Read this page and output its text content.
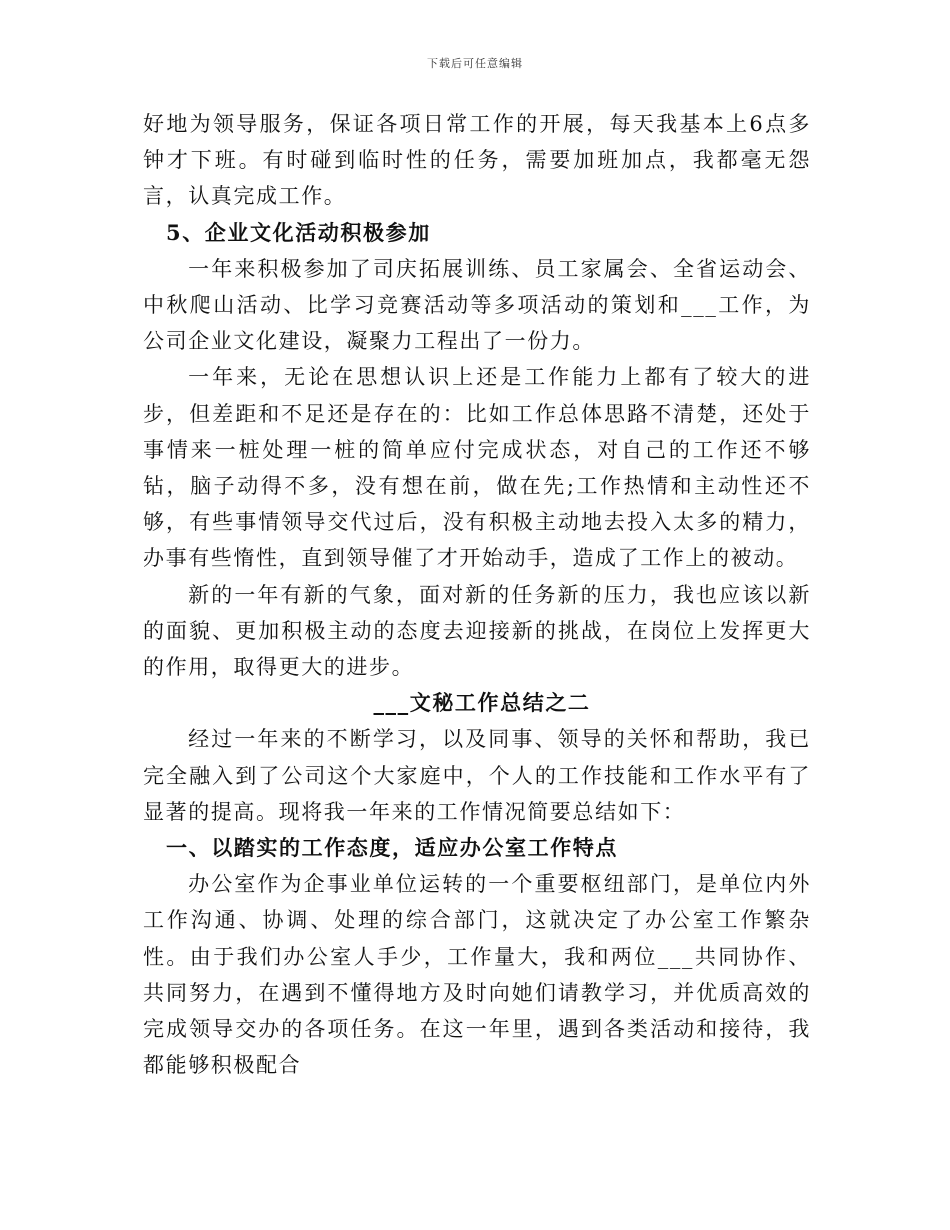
下载后可任意编辑

好地为领导服务，保证各项日常工作的开展，每天我基本上6点多钟才下班。有时碰到临时性的任务，需要加班加点，我都毫无怨言，认真完成工作。

5、企业文化活动积极参加

一年来积极参加了司庆拓展训练、员工家属会、全省运动会、中秋爬山活动、比学习竞赛活动等多项活动的策划和___工作，为公司企业文化建设，凝聚力工程出了一份力。

一年来，无论在思想认识上还是工作能力上都有了较大的进步，但差距和不足还是存在的：比如工作总体思路不清楚，还处于事情来一桩处理一桩的简单应付完成状态，对自己的工作还不够钻，脑子动得不多，没有想在前，做在先;工作热情和主动性还不够，有些事情领导交代过后，没有积极主动地去投入太多的精力，办事有些惰性，直到领导催了才开始动手，造成了工作上的被动。

新的一年有新的气象，面对新的任务新的压力，我也应该以新的面貌、更加积极主动的态度去迎接新的挑战，在岗位上发挥更大的作用，取得更大的进步。

___文秘工作总结之二

经过一年来的不断学习，以及同事、领导的关怀和帮助，我已完全融入到了公司这个大家庭中，个人的工作技能和工作水平有了显著的提高。现将我一年来的工作情况简要总结如下：

一、以踏实的工作态度，适应办公室工作特点

办公室作为企事业单位运转的一个重要枢纽部门，是单位内外工作沟通、协调、处理的综合部门，这就决定了办公室工作繁杂性。由于我们办公室人手少，工作量大，我和两位___共同协作、共同努力，在遇到不懂得地方及时向她们请教学习，并优质高效的完成领导交办的各项任务。在这一年里，遇到各类活动和接待，我都能够积极配合
